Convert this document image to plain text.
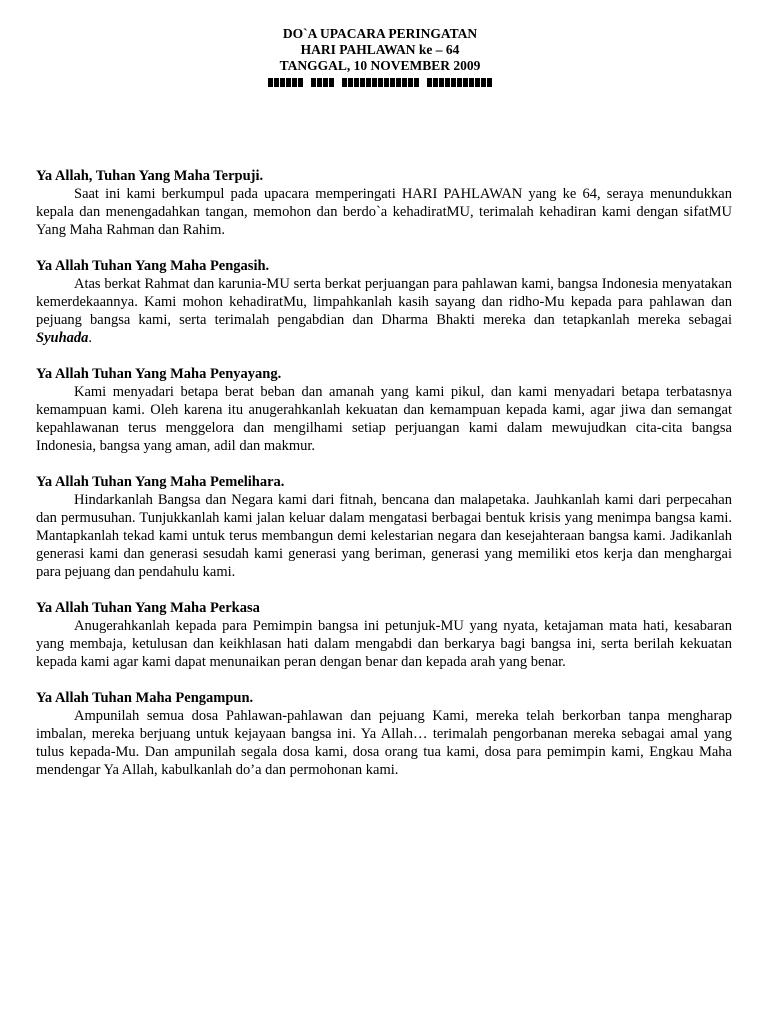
DO`A UPACARA PERINGATAN
HARI PAHLAWAN ke – 64
TANGGAL, 10 NOVEMBER 2009
Ya Allah, Tuhan Yang Maha Terpuji.
Saat ini kami berkumpul pada upacara memperingati HARI PAHLAWAN yang ke 64, seraya menundukkan kepala dan menengadahkan tangan, memohon dan berdo`a kehadiratMU, terimalah kehadiran kami dengan sifatMU Yang Maha Rahman dan Rahim.
Ya Allah Tuhan Yang Maha Pengasih.
Atas berkat Rahmat dan karunia-MU serta berkat perjuangan para pahlawan kami, bangsa Indonesia menyatakan kemerdekaannya. Kami mohon kehadiratMu, limpahkanlah kasih sayang dan ridho-Mu kepada para pahlawan dan pejuang bangsa kami, serta terimalah pengabdian dan Dharma Bhakti mereka dan tetapkanlah mereka sebagai Syuhada.
Ya Allah Tuhan Yang Maha Penyayang.
Kami menyadari betapa berat beban dan amanah yang kami pikul, dan kami menyadari betapa terbatasnya kemampuan kami. Oleh karena itu anugerahkanlah kekuatan dan kemampuan kepada kami, agar jiwa dan semangat kepahlawanan terus menggelora dan mengilhami setiap perjuangan kami dalam mewujudkan cita-cita bangsa Indonesia, bangsa yang aman, adil dan makmur.
Ya Allah Tuhan Yang Maha Pemelihara.
Hindarkanlah Bangsa dan Negara kami dari fitnah, bencana dan malapetaka. Jauhkanlah kami dari perpecahan dan permusuhan. Tunjukkanlah kami jalan keluar dalam mengatasi berbagai bentuk krisis yang menimpa bangsa kami. Mantapkanlah tekad kami untuk terus membangun demi kelestarian negara dan kesejahteraan bangsa kami. Jadikanlah generasi kami dan generasi sesudah kami generasi yang beriman, generasi yang memiliki etos kerja dan menghargai para pejuang dan pendahulu kami.
Ya Allah Tuhan Yang Maha Perkasa
Anugerahkanlah kepada para Pemimpin bangsa ini petunjuk-MU yang nyata, ketajaman mata hati, kesabaran yang membaja, ketulusan dan keikhlasan hati dalam mengabdi dan berkarya bagi bangsa ini, serta berilah kekuatan kepada kami agar kami dapat menunaikan peran dengan benar dan kepada arah yang benar.
Ya Allah Tuhan Maha Pengampun.
Ampunilah semua dosa Pahlawan-pahlawan dan pejuang Kami, mereka telah berkorban tanpa mengharap imbalan, mereka berjuang untuk kejayaan bangsa ini. Ya Allah… terimalah pengorbanan mereka sebagai amal yang tulus kepada-Mu. Dan ampunilah segala dosa kami, dosa orang tua kami, dosa para pemimpin kami, Engkau Maha mendengar Ya Allah, kabulkanlah do’a dan permohonan kami.
